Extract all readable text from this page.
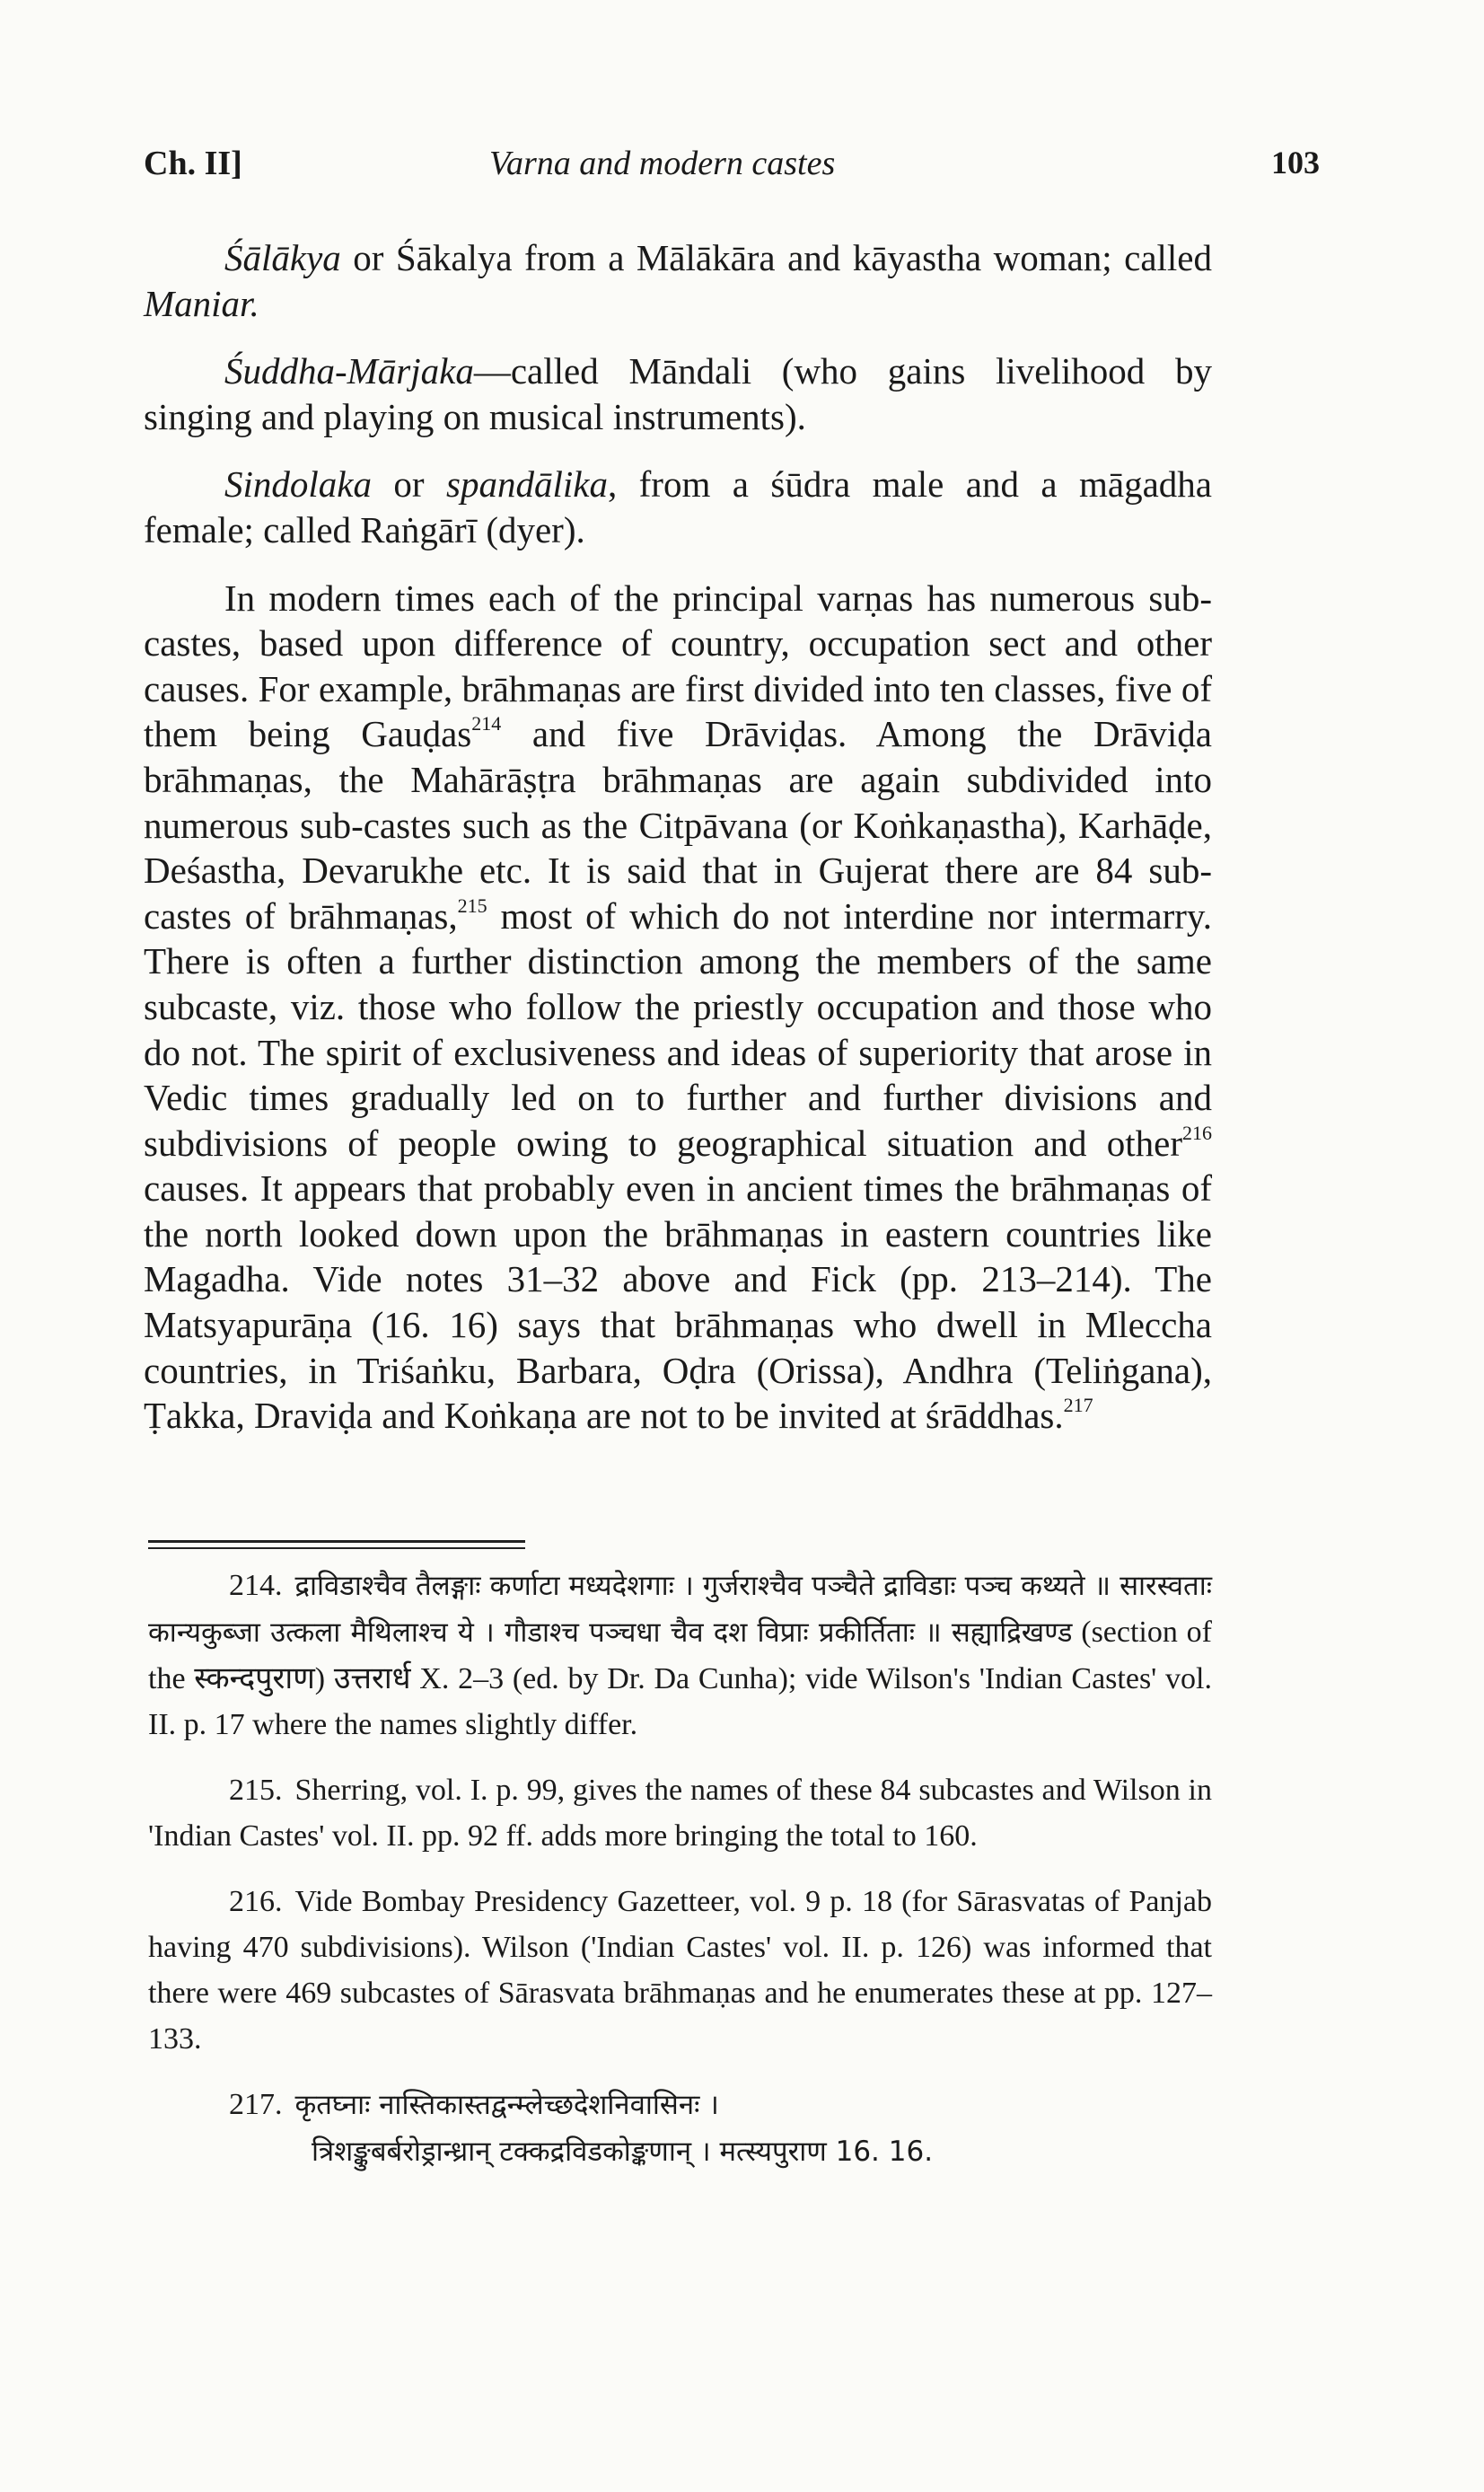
Ch. II]	Varna and modern castes	103

Śālākya or Śākalya from a Mālākāra and kāyastha woman; called Maniar.

Śuddha-Mārjaka—called Māndali (who gains livelihood by singing and playing on musical instruments).

Sindolaka or spandālika, from a śūdra male and a māgadha female; called Raṅgārī (dyer).

In modern times each of the principal varṇas has numerous sub-castes, based upon difference of country, occupation sect and other causes. For example, brāhmaṇas are first divided into ten classes, five of them being Gauḍas$^{214}$ and five Drāviḍas. Among the Drāviḍa brāhmaṇas, the Mahārāṣṭra brāhmaṇas are again subdivided into numerous sub-castes such as the Citpāvana (or Koṅkaṇastha), Karhāḍe, Deśastha, Devarukhe etc. It is said that in Gujerat there are 84 sub-castes of brāhmaṇas,$^{215}$ most of which do not interdine nor intermarry. There is often a further distinction among the members of the same subcaste, viz. those who follow the priestly occupation and those who do not. The spirit of exclusiveness and ideas of superiority that arose in Vedic times gradually led on to further and further divisions and subdivisions of people owing to geographical situation and other$^{216}$ causes. It appears that probably even in ancient times the brāhmaṇas of the north looked down upon the brāhmaṇas in eastern countries like Magadha. Vide notes 31–32 above and Fick (pp. 213–214). The Matsyapurāṇa (16. 16) says that brāhmaṇas who dwell in Mleccha countries, in Triśaṅku, Barbara, Oḍra (Orissa), Andhra (Teliṅgana), Ṭakka, Draviḍa and Koṅkaṇa are not to be invited at śrāddhas.$^{217}$

214. द्राविडाश्चैव तैलङ्गाः कर्णाटा मध्यदेशगाः । गुर्जराश्चैव पञ्चैते द्राविडाः पञ्च कथ्यते ॥ सारस्वताः कान्यकुब्जा उत्कला मैथिलाश्च ये । गौडाश्च पञ्चधा चैव दश विप्राः प्रकीर्तिताः ॥ सह्याद्रिखण्ड (section of the स्कन्दपुराण) उत्तरार्ध X. 2–3 (ed. by Dr. Da Cunha); vide Wilson's 'Indian Castes' vol. II. p. 17 where the names slightly differ.

215. Sherring, vol. I. p. 99, gives the names of these 84 subcastes and Wilson in 'Indian Castes' vol. II. pp. 92 ff. adds more bringing the total to 160.

216. Vide Bombay Presidency Gazetteer, vol. 9 p. 18 (for Sārasvatas of Panjab having 470 subdivisions). Wilson ('Indian Castes' vol. II. p. 126) was informed that there were 469 subcastes of Sārasvata brāhmaṇas and he enumerates these at pp. 127–133.

217. कृतघ्नाः नास्तिकास्तद्वन्म्लेच्छदेशनिवासिनः ।
त्रिशङ्कुबर्बरोड्रान्ध्रान् टक्कद्रविडकोङ्कणान् । मत्स्यपुराण 16. 16.
